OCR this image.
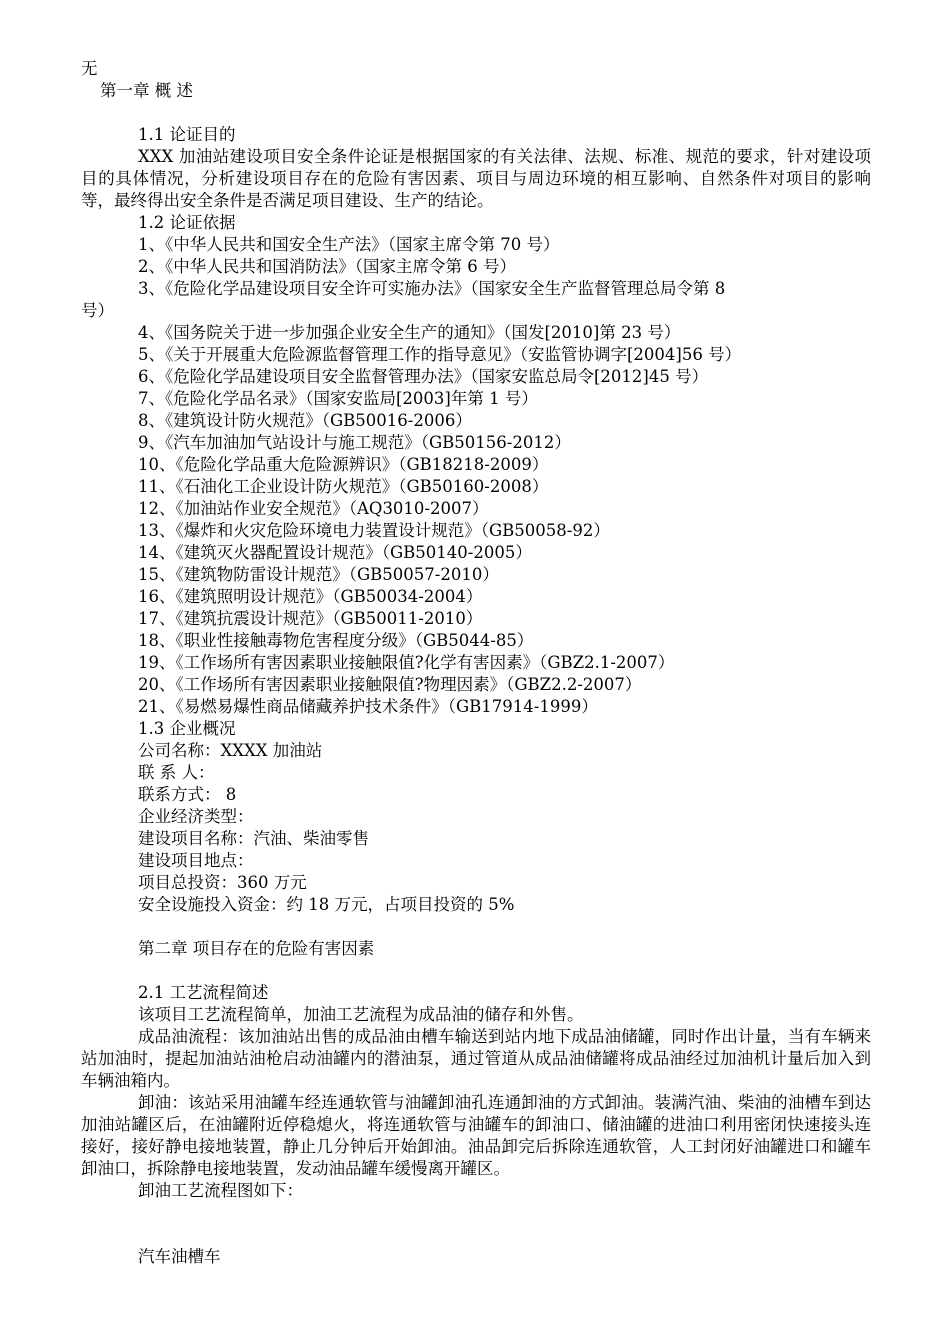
无
第一章 概 述
1.1 论证目的
XXX 加油站建设项目安全条件论证是根据国家的有关法律、法规、标准、规范的要求，针对建设项目的具体情况，分析建设项目存在的危险有害因素、项目与周边环境的相互影响、自然条件对项目的影响等，最终得出安全条件是否满足项目建设、生产的结论。
1.2 论证依据
1、《中华人民共和国安全生产法》（国家主席令第 70 号）
2、《中华人民共和国消防法》（国家主席令第 6 号）
3、《危险化学品建设项目安全许可实施办法》（国家安全生产监督管理总局令第 8
号）
4、《国务院关于进一步加强企业安全生产的通知》（国发[2010]第 23 号）
5、《关于开展重大危险源监督管理工作的指导意见》（安监管协调字[2004]56 号）
6、《危险化学品建设项目安全监督管理办法》（国家安监总局令[2012]45 号）
7、《危险化学品名录》（国家安监局[2003]年第 1 号）
8、《建筑设计防火规范》（GB50016-2006）
9、《汽车加油加气站设计与施工规范》（GB50156-2012）
10、《危险化学品重大危险源辨识》（GB18218-2009）
11、《石油化工企业设计防火规范》（GB50160-2008）
12、《加油站作业安全规范》（AQ3010-2007）
13、《爆炸和火灾危险环境电力装置设计规范》（GB50058-92）
14、《建筑灭火器配置设计规范》（GB50140-2005）
15、《建筑物防雷设计规范》（GB50057-2010）
16、《建筑照明设计规范》（GB50034-2004）
17、《建筑抗震设计规范》（GB50011-2010）
18、《职业性接触毒物危害程度分级》（GB5044-85）
19、《工作场所有害因素职业接触限值?化学有害因素》（GBZ2.1-2007）
20、《工作场所有害因素职业接触限值?物理因素》（GBZ2.2-2007）
21、《易燃易爆性商品储藏养护技术条件》（GB17914-1999）
1.3 企业概况
公司名称：XXXX 加油站
联 系 人：
联系方式： 8
企业经济类型：
建设项目名称：汽油、柴油零售
建设项目地点：
项目总投资：360 万元
安全设施投入资金：约 18 万元，占项目投资的 5%
第二章 项目存在的危险有害因素
2.1 工艺流程简述
该项目工艺流程简单，加油工艺流程为成品油的储存和外售。
成品油流程：该加油站出售的成品油由槽车输送到站内地下成品油储罐，同时作出计量，当有车辆来站加油时，提起加油站油枪启动油罐内的潜油泵，通过管道从成品油储罐将成品油经过加油机计量后加入到车辆油箱内。
卸油：该站采用油罐车经连通软管与油罐卸油孔连通卸油的方式卸油。装满汽油、柴油的油槽车到达加油站罐区后，在油罐附近停稳熄火，将连通软管与油罐车的卸油口、储油罐的进油口利用密闭快速接头连接好，接好静电接地装置，静止几分钟后开始卸油。油品卸完后拆除连通软管，人工封闭好油罐进口和罐车卸油口，拆除静电接地装置，发动油品罐车缓慢离开罐区。
卸油工艺流程图如下：
汽车油槽车
